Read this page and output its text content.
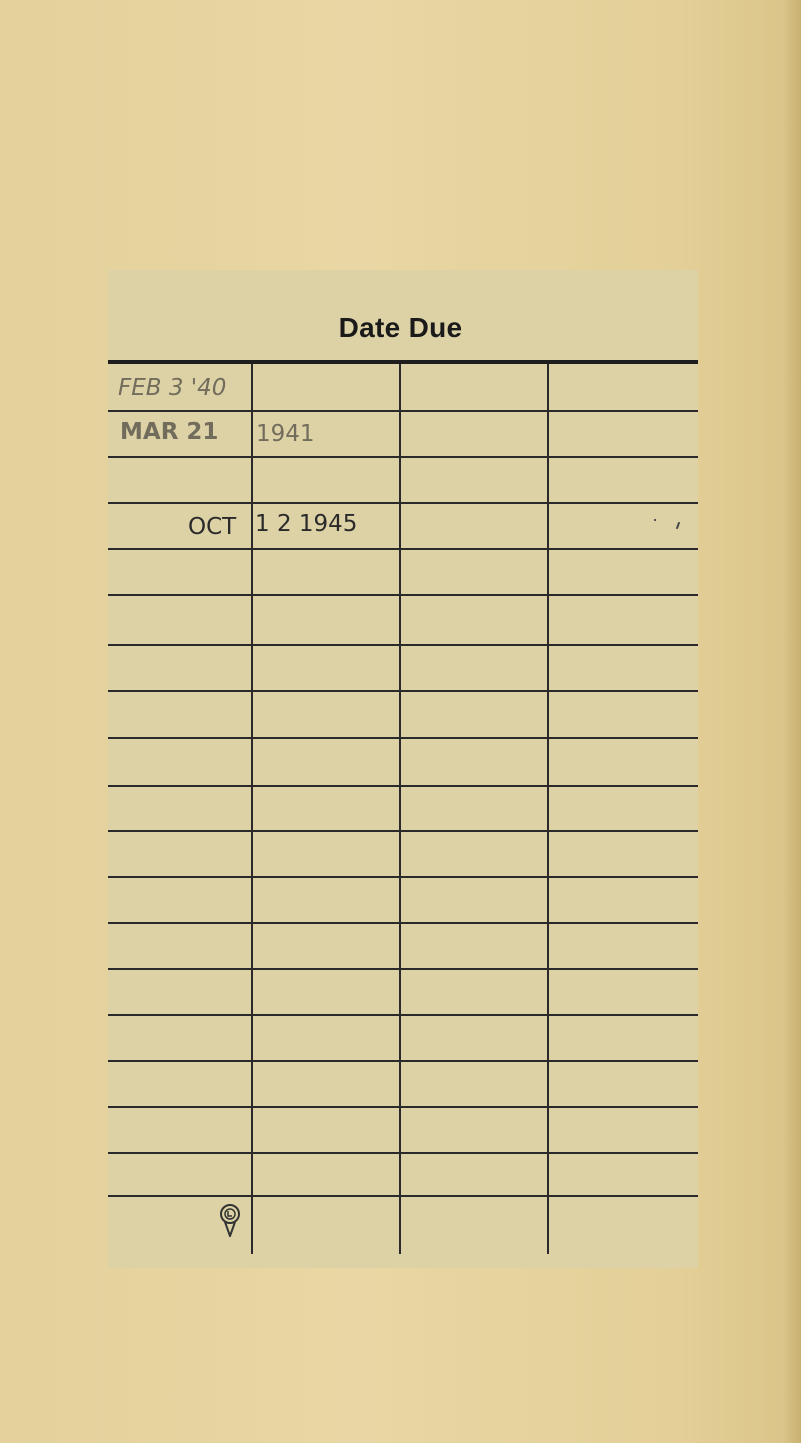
Date Due
FEB 3 '40
MAR 21 1941
OCT 1 2 1945
